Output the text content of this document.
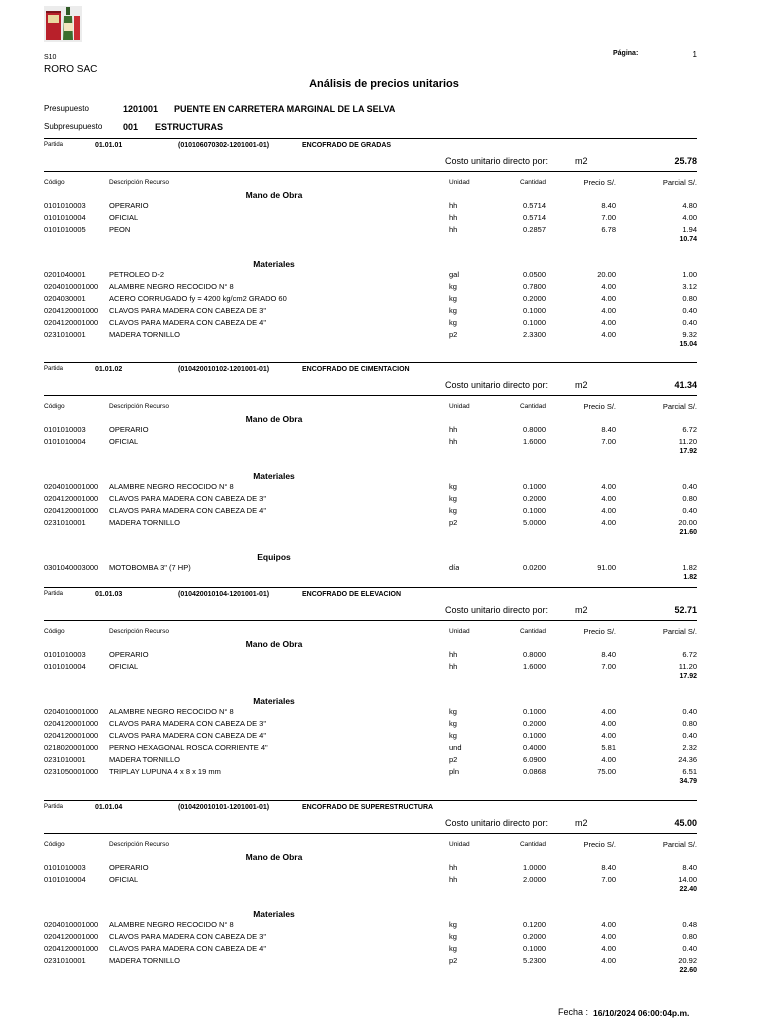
S10
RORO SAC
Página:	1
Análisis de precios unitarios
Presupuesto	1201001 PUENTE EN CARRETERA MARGINAL DE LA SELVA
Subpresupuesto 001 ESTRUCTURAS
Partida	01.01.01	(010106070302-1201001-01)	ENCOFRADO DE GRADAS
Costo unitario directo por:	m2	25.78
Código	Descripción Recurso	Unidad	Cantidad	Precio S/.	Parcial S/.
Mano de Obra
0101010003	OPERARIO	hh	0.5714	8.40	4.80
0101010004	OFICIAL	hh	0.5714	7.00	4.00
0101010005	PEON	hh	0.2857	6.78	1.94
10.74
Materiales
0201040001	PETROLEO D-2	gal	0.0500	20.00	1.00
0204010001000	ALAMBRE NEGRO RECOCIDO N° 8	kg	0.7800	4.00	3.12
0204030001	ACERO CORRUGADO fy = 4200 kg/cm2 GRADO 60	kg	0.2000	4.00	0.80
0204120001000	CLAVOS PARA MADERA CON CABEZA DE 3"	kg	0.1000	4.00	0.40
0204120001000	CLAVOS PARA MADERA CON CABEZA DE 4"	kg	0.1000	4.00	0.40
0231010001	MADERA TORNILLO	p2	2.3300	4.00	9.32
15.04
Partida	01.01.02	(010420010102-1201001-01)	ENCOFRADO DE CIMENTACION
Costo unitario directo por:	m2	41.34
Código	Descripción Recurso	Unidad	Cantidad	Precio S/.	Parcial S/.
Mano de Obra
0101010003	OPERARIO	hh	0.8000	8.40	6.72
0101010004	OFICIAL	hh	1.6000	7.00	11.20
17.92
Materiales
0204010001000	ALAMBRE NEGRO RECOCIDO N° 8	kg	0.1000	4.00	0.40
0204120001000	CLAVOS PARA MADERA CON CABEZA DE 3"	kg	0.2000	4.00	0.80
0204120001000	CLAVOS PARA MADERA CON CABEZA DE 4"	kg	0.1000	4.00	0.40
0231010001	MADERA TORNILLO	p2	5.0000	4.00	20.00
21.60
Equipos
0301040003000	MOTOBOMBA 3" (7 HP)	día	0.0200	91.00	1.82
1.82
Partida	01.01.03	(010420010104-1201001-01)	ENCOFRADO DE ELEVACION
Costo unitario directo por:	m2	52.71
Código	Descripción Recurso	Unidad	Cantidad	Precio S/.	Parcial S/.
Mano de Obra
0101010003	OPERARIO	hh	0.8000	8.40	6.72
0101010004	OFICIAL	hh	1.6000	7.00	11.20
17.92
Materiales
0204010001000	ALAMBRE NEGRO RECOCIDO N° 8	kg	0.1000	4.00	0.40
0204120001000	CLAVOS PARA MADERA CON CABEZA DE 3"	kg	0.2000	4.00	0.80
0204120001000	CLAVOS PARA MADERA CON CABEZA DE 4"	kg	0.1000	4.00	0.40
0218020001000	PERNO HEXAGONAL ROSCA CORRIENTE 4"	und	0.4000	5.81	2.32
0231010001	MADERA TORNILLO	p2	6.0900	4.00	24.36
0231050001000	TRIPLAY LUPUNA 4 x 8 x 19 mm	pln	0.0868	75.00	6.51
34.79
Partida	01.01.04	(010420010101-1201001-01)	ENCOFRADO DE SUPERESTRUCTURA
Costo unitario directo por:	m2	45.00
Código	Descripción Recurso	Unidad	Cantidad	Precio S/.	Parcial S/.
Mano de Obra
0101010003	OPERARIO	hh	1.0000	8.40	8.40
0101010004	OFICIAL	hh	2.0000	7.00	14.00
22.40
Materiales
0204010001000	ALAMBRE NEGRO RECOCIDO N° 8	kg	0.1200	4.00	0.48
0204120001000	CLAVOS PARA MADERA CON CABEZA DE 3"	kg	0.2000	4.00	0.80
0204120001000	CLAVOS PARA MADERA CON CABEZA DE 4"	kg	0.1000	4.00	0.40
0231010001	MADERA TORNILLO	p2	5.2300	4.00	20.92
22.60
Fecha : 16/10/2024 06:00:04p.m.
